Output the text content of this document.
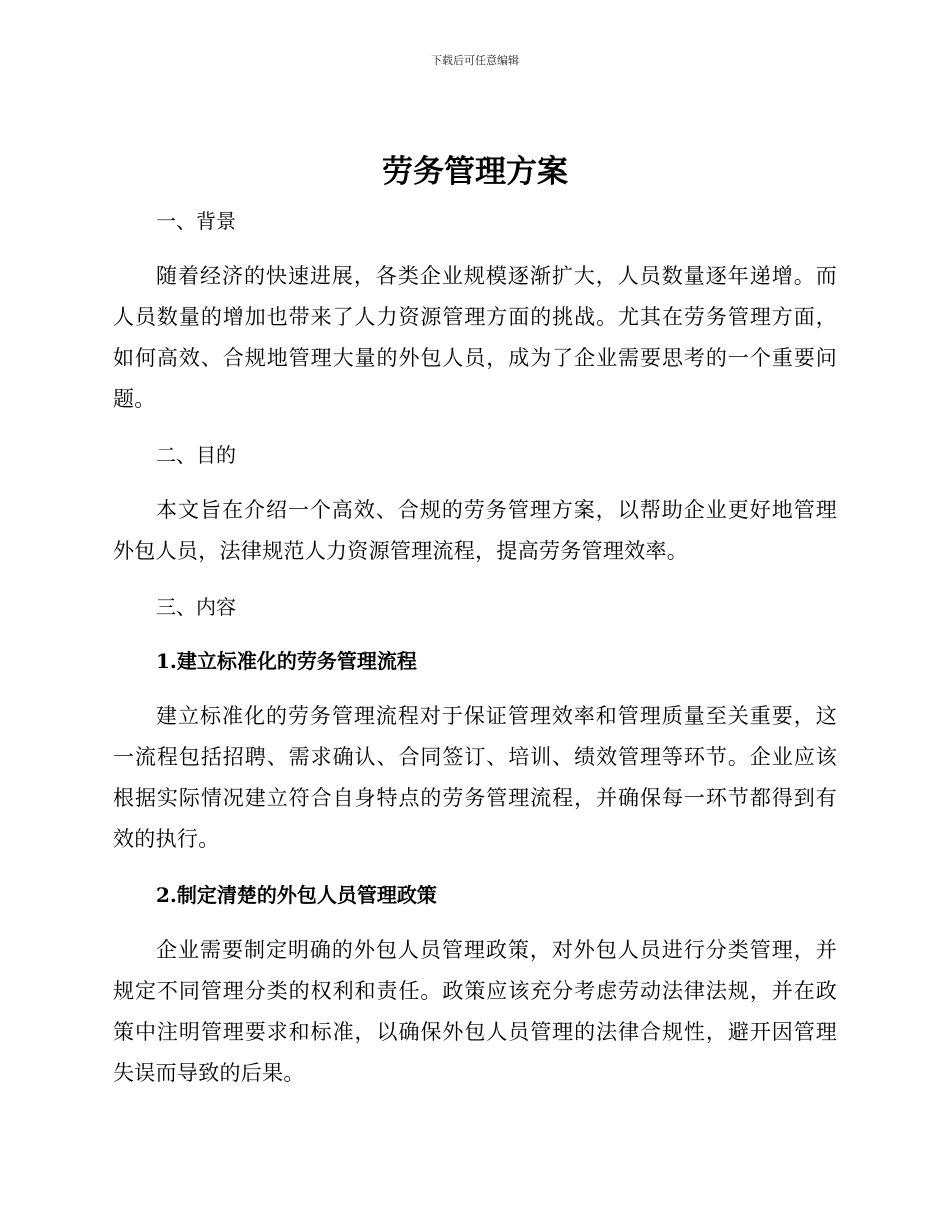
下载后可任意编辑
劳务管理方案
一、背景

随着经济的快速进展，各类企业规模逐渐扩大，人员数量逐年递增。而人员数量的增加也带来了人力资源管理方面的挑战。尤其在劳务管理方面，如何高效、合规地管理大量的外包人员，成为了企业需要思考的一个重要问题。

二、目的

本文旨在介绍一个高效、合规的劳务管理方案，以帮助企业更好地管理外包人员，法律规范人力资源管理流程，提高劳务管理效率。

三、内容
1.建立标准化的劳务管理流程

建立标准化的劳务管理流程对于保证管理效率和管理质量至关重要，这一流程包括招聘、需求确认、合同签订、培训、绩效管理等环节。企业应该根据实际情况建立符合自身特点的劳务管理流程，并确保每一环节都得到有效的执行。

2.制定清楚的外包人员管理政策

企业需要制定明确的外包人员管理政策，对外包人员进行分类管理，并规定不同管理分类的权利和责任。政策应该充分考虑劳动法律法规，并在政策中注明管理要求和标准，以确保外包人员管理的法律合规性，避开因管理失误而导致的后果。
